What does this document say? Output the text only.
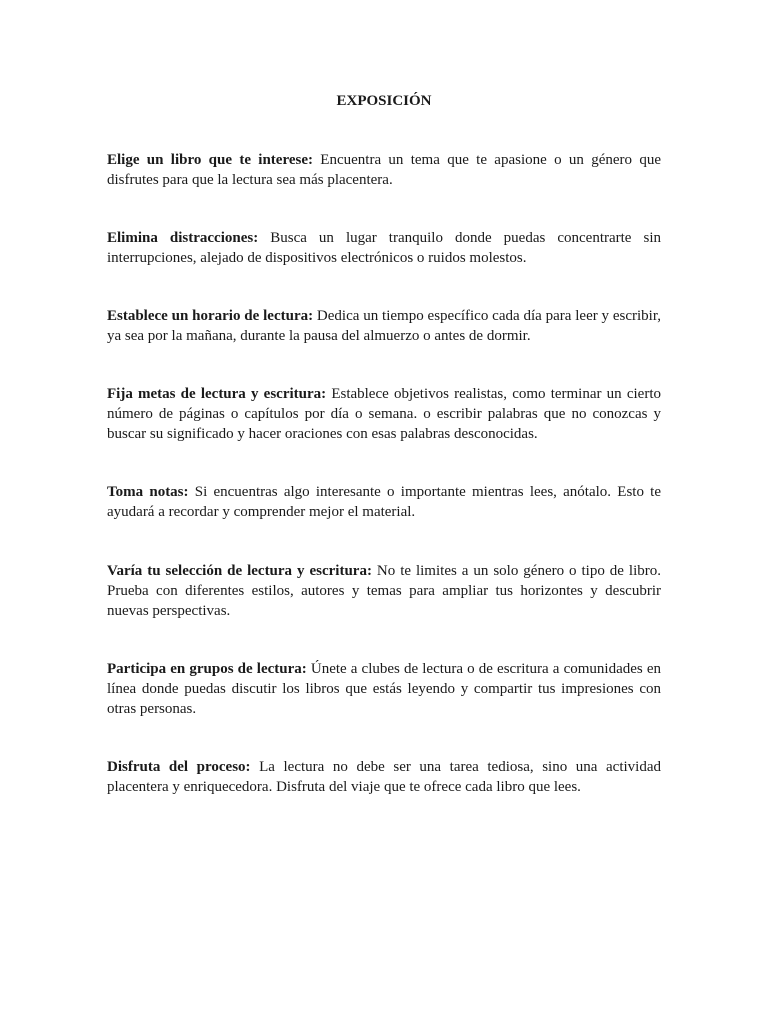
EXPOSICIÓN

Elige un libro que te interese: Encuentra un tema que te apasione o un género que disfrutes para que la lectura sea más placentera.

Elimina distracciones: Busca un lugar tranquilo donde puedas concentrarte sin interrupciones, alejado de dispositivos electrónicos o ruidos molestos.

Establece un horario de lectura: Dedica un tiempo específico cada día para leer y escribir, ya sea por la mañana, durante la pausa del almuerzo o antes de dormir.

Fija metas de lectura y escritura: Establece objetivos realistas, como terminar un cierto número de páginas o capítulos por día o semana. o escribir palabras que no conozcas y buscar su significado y hacer oraciones con esas palabras desconocidas.

Toma notas: Si encuentras algo interesante o importante mientras lees, anótalo. Esto te ayudará a recordar y comprender mejor el material.

Varía tu selección de lectura y escritura: No te limites a un solo género o tipo de libro. Prueba con diferentes estilos, autores y temas para ampliar tus horizontes y descubrir nuevas perspectivas.

Participa en grupos de lectura: Únete a clubes de lectura o de escritura a comunidades en línea donde puedas discutir los libros que estás leyendo y compartir tus impresiones con otras personas.

Disfruta del proceso: La lectura no debe ser una tarea tediosa, sino una actividad placentera y enriquecedora. Disfruta del viaje que te ofrece cada libro que lees.
